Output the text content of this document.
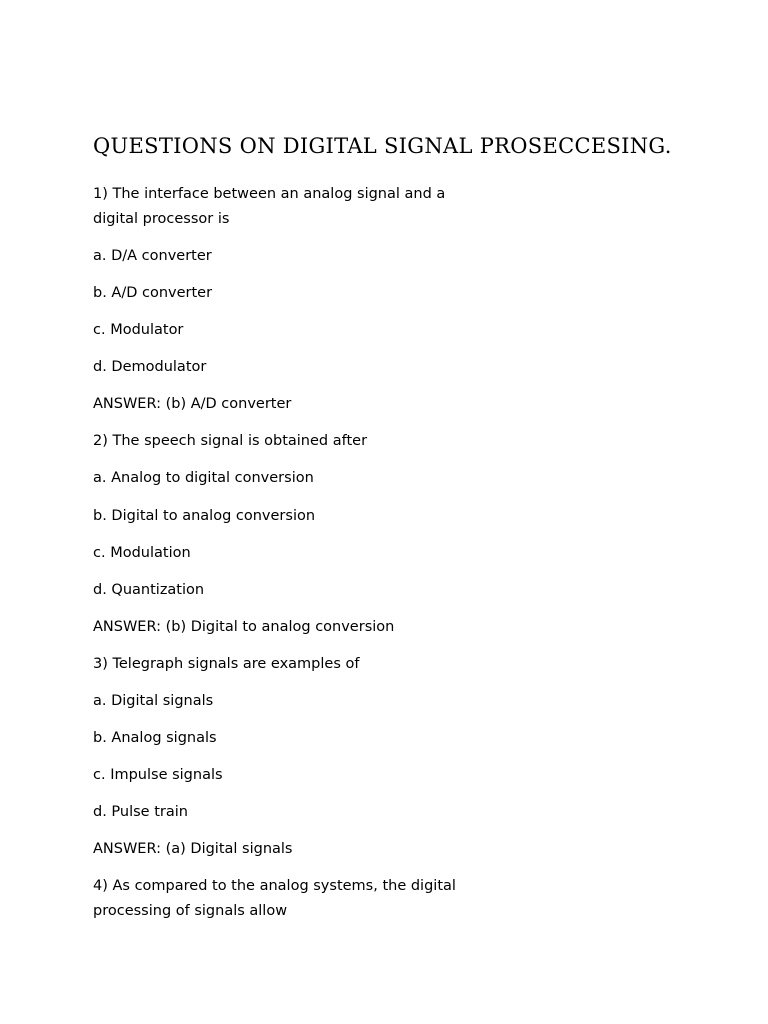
QUESTIONS ON DIGITAL SIGNAL PROSECCESING.
1) The interface between an analog signal and a
digital processor is
a. D/A converter
b. A/D converter
c. Modulator
d. Demodulator
ANSWER: (b) A/D converter
2) The speech signal is obtained after
a. Analog to digital conversion
b. Digital to analog conversion
c. Modulation
d. Quantization
ANSWER: (b) Digital to analog conversion
3) Telegraph signals are examples of
a. Digital signals
b. Analog signals
c. Impulse signals
d. Pulse train
ANSWER: (a) Digital signals
4) As compared to the analog systems, the digital
processing of signals allow
